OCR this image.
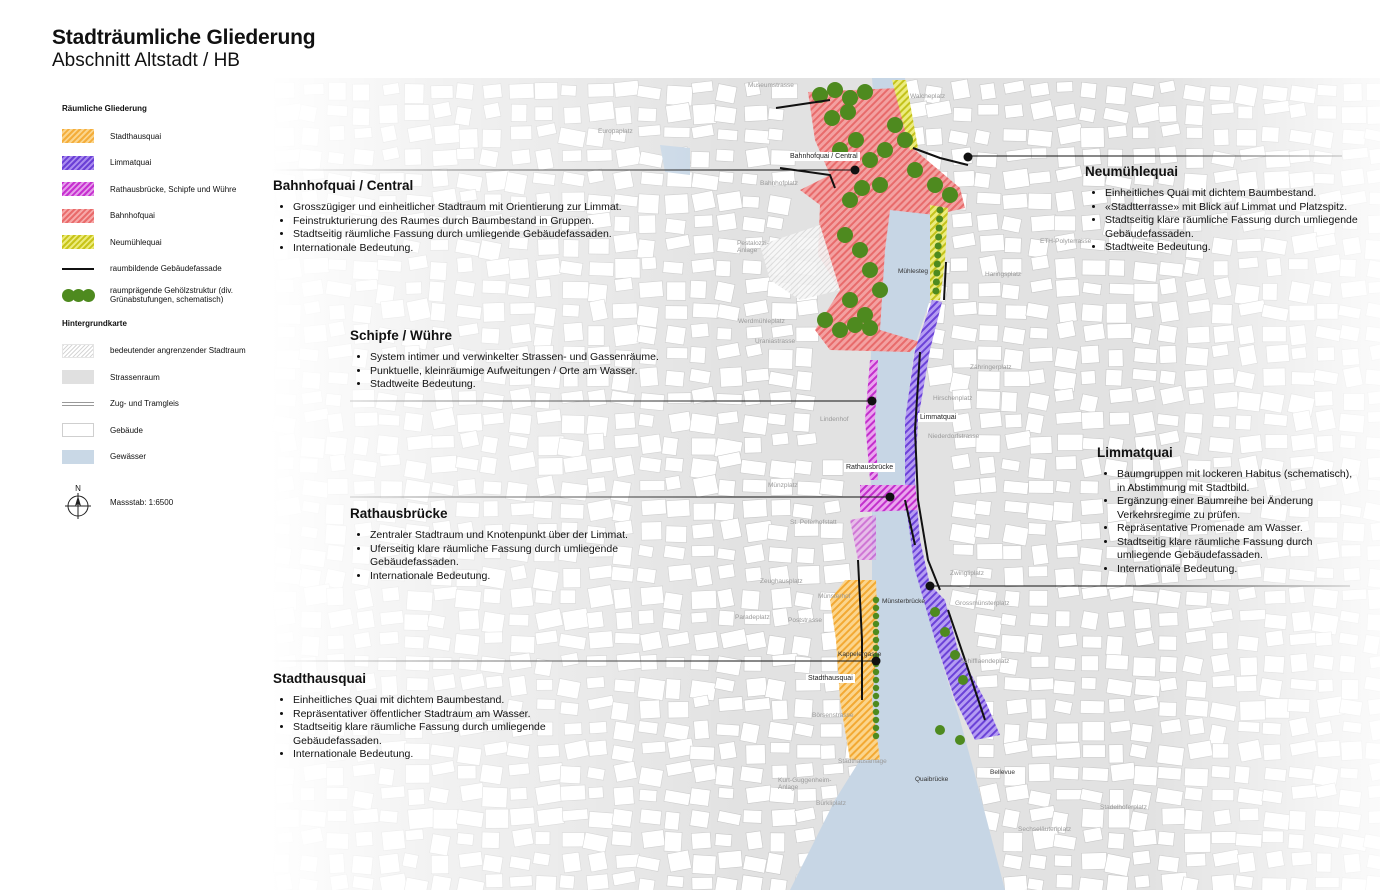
Stadträumliche Gliederung
Abschnitt Altstadt / HB
Europaplatz
Museumstrasse
Walcheplatz
Bahnhofplatz
Pestalozzi-Anlage
ETH-Polyterrasse
Haringsplatz
Mühlesteg
Werdmühleplatz
Uraniastrasse
Zähringerplatz
Hirschenplatz
Lindenhof
Niederdorfstrasse
Münzplatz
St. Peterhofstatt
Zeughausplatz
Paradeplatz
Münsterhof
Münsterbrücke	Grossmünsterplatz
Zwingliplatz
Schifflaendeplatz
Poststrasse
Kappelergasse
Börsenstrasse
Stadthausanlage
Kurt-Guggenheim-Anlage
Bürkliplatz
Quaibrücke
Bellevue
Stadelhoferplatz
Sechseläutenplatz
Bahnhofquai / Central
Rathausbrücke
Limmatquai
Stadthausquai
Räumliche Gliederung
Stadthausquai
Limmatquai
Rathausbrücke, Schipfe und Wühre
Bahnhofquai
Neumühlequai
raumbildende Gebäudefassade
raumprägende Gehölzstruktur (div. Grünabstufungen, schematisch)
Hintergrundkarte
bedeutender angrenzender Stadtraum
Strassenraum
Zug- und Tramgleis
Gebäude
Gewässer
N
Massstab: 1:6500
Bahnhofquai / Central
• Grosszügiger und einheitlicher Stadtraum mit Orientierung zur Limmat.
• Feinstrukturierung des Raumes durch Baumbestand in Gruppen.
• Stadtseitig räumliche Fassung durch umliegende Gebäudefassaden.
• Internationale Bedeutung.
Schipfe / Wühre
• System intimer und verwinkelter Strassen- und Gassenräume.
• Punktuelle, kleinräumige Aufweitungen / Orte am Wasser.
• Stadtweite Bedeutung.
Rathausbrücke
• Zentraler Stadtraum und Knotenpunkt über der Limmat.
• Uferseitig klare räumliche Fassung durch umliegende Gebäudefassaden.
• Internationale Bedeutung.
Stadthausquai
• Einheitliches Quai mit dichtem Baumbestand.
• Repräsentativer öffentlicher Stadtraum am Wasser.
• Stadtseitig klare räumliche Fassung durch umliegende Gebäudefassaden.
• Internationale Bedeutung.
Neumühlequai
• Einheitliches Quai mit dichtem Baumbestand.
• «Stadtterrasse» mit Blick auf Limmat und Platzspitz.
• Stadtseitig klare räumliche Fassung durch umliegende Gebäudefassaden.
• Stadtweite Bedeutung.
Limmatquai
• Baumgruppen mit lockeren Habitus (schematisch), in Abstimmung mit Stadtbild.
• Ergänzung einer Baumreihe bei Änderung Verkehrsregime zu prüfen.
• Repräsentative Promenade am Wasser.
• Stadtseitig klare räumliche Fassung durch umliegende Gebäudefassaden.
• Internationale Bedeutung.
